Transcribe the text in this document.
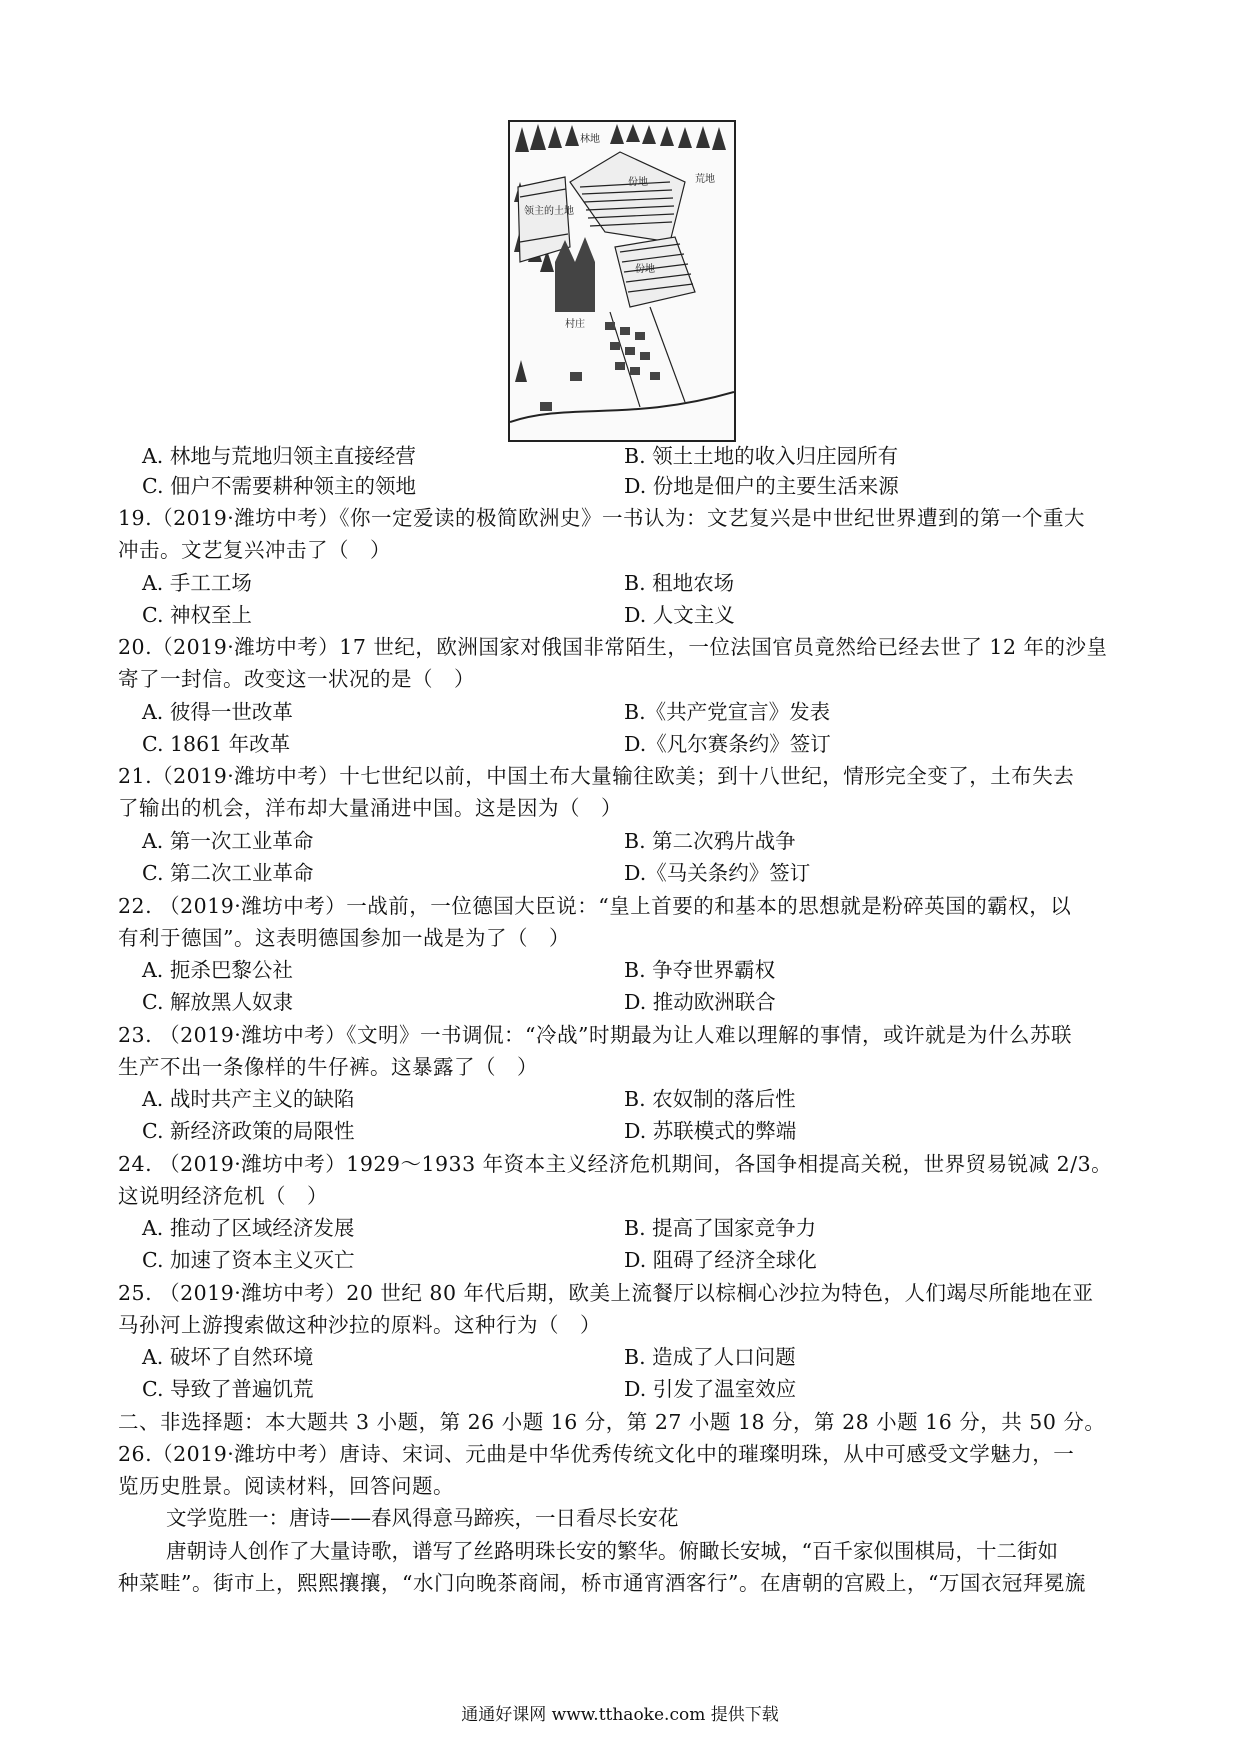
林地
份地	荒地
领主的土地
份地
村庄
A. 林地与荒地归领主直接经营	B. 领土土地的收入归庄园所有
C. 佃户不需要耕种领主的领地	D. 份地是佃户的主要生活来源
19.（2019·潍坊中考）《你一定爱读的极简欧洲史》一书认为：文艺复兴是中世纪世界遭到的第一个重大
冲击。文艺复兴冲击了（　）
A. 手工工场	B. 租地农场
C. 神权至上	D. 人文主义
20.（2019·潍坊中考）17 世纪，欧洲国家对俄国非常陌生，一位法国官员竟然给已经去世了 12 年的沙皇
寄了一封信。改变这一状况的是（　）
A. 彼得一世改革	B.《共产党宣言》发表
C. 1861 年改革	D.《凡尔赛条约》签订
21.（2019·潍坊中考）十七世纪以前，中国土布大量输往欧美；到十八世纪，情形完全变了，土布失去
了输出的机会，洋布却大量涌进中国。这是因为（　）
A. 第一次工业革命	B. 第二次鸦片战争
C. 第二次工业革命	D.《马关条约》签订
22. （2019·潍坊中考）一战前，一位德国大臣说：“皇上首要的和基本的思想就是粉碎英国的霸权，以
有利于德国”。这表明德国参加一战是为了（　）
A. 扼杀巴黎公社	B. 争夺世界霸权
C. 解放黑人奴隶	D. 推动欧洲联合
23. （2019·潍坊中考）《文明》一书调侃：“冷战”时期最为让人难以理解的事情，或许就是为什么苏联
生产不出一条像样的牛仔裤。这暴露了（　）
A. 战时共产主义的缺陷	B. 农奴制的落后性
C. 新经济政策的局限性	D. 苏联模式的弊端
24. （2019·潍坊中考）1929～1933 年资本主义经济危机期间，各国争相提高关税，世界贸易锐减 2/3。
这说明经济危机（　）
A. 推动了区域经济发展	B. 提高了国家竞争力
C. 加速了资本主义灭亡	D. 阻碍了经济全球化
25. （2019·潍坊中考）20 世纪 80 年代后期，欧美上流餐厅以棕榈心沙拉为特色，人们竭尽所能地在亚
马孙河上游搜索做这种沙拉的原料。这种行为（　）
A. 破坏了自然环境	B. 造成了人口问题
C. 导致了普遍饥荒	D. 引发了温室效应
二、非选择题：本大题共 3 小题，第 26 小题 16 分，第 27 小题 18 分，第 28 小题 16 分，共 50 分。
26.（2019·潍坊中考）唐诗、宋词、元曲是中华优秀传统文化中的璀璨明珠，从中可感受文学魅力，一
览历史胜景。阅读材料，回答问题。
文学览胜一：唐诗——春风得意马蹄疾，一日看尽长安花
唐朝诗人创作了大量诗歌，谱写了丝路明珠长安的繁华。俯瞰长安城，“百千家似围棋局，十二街如
种菜畦”。街市上，熙熙攘攘，“水门向晚茶商闹，桥市通宵酒客行”。在唐朝的宫殿上，“万国衣冠拜冕旒
通通好课网 www.tthaoke.com 提供下载
